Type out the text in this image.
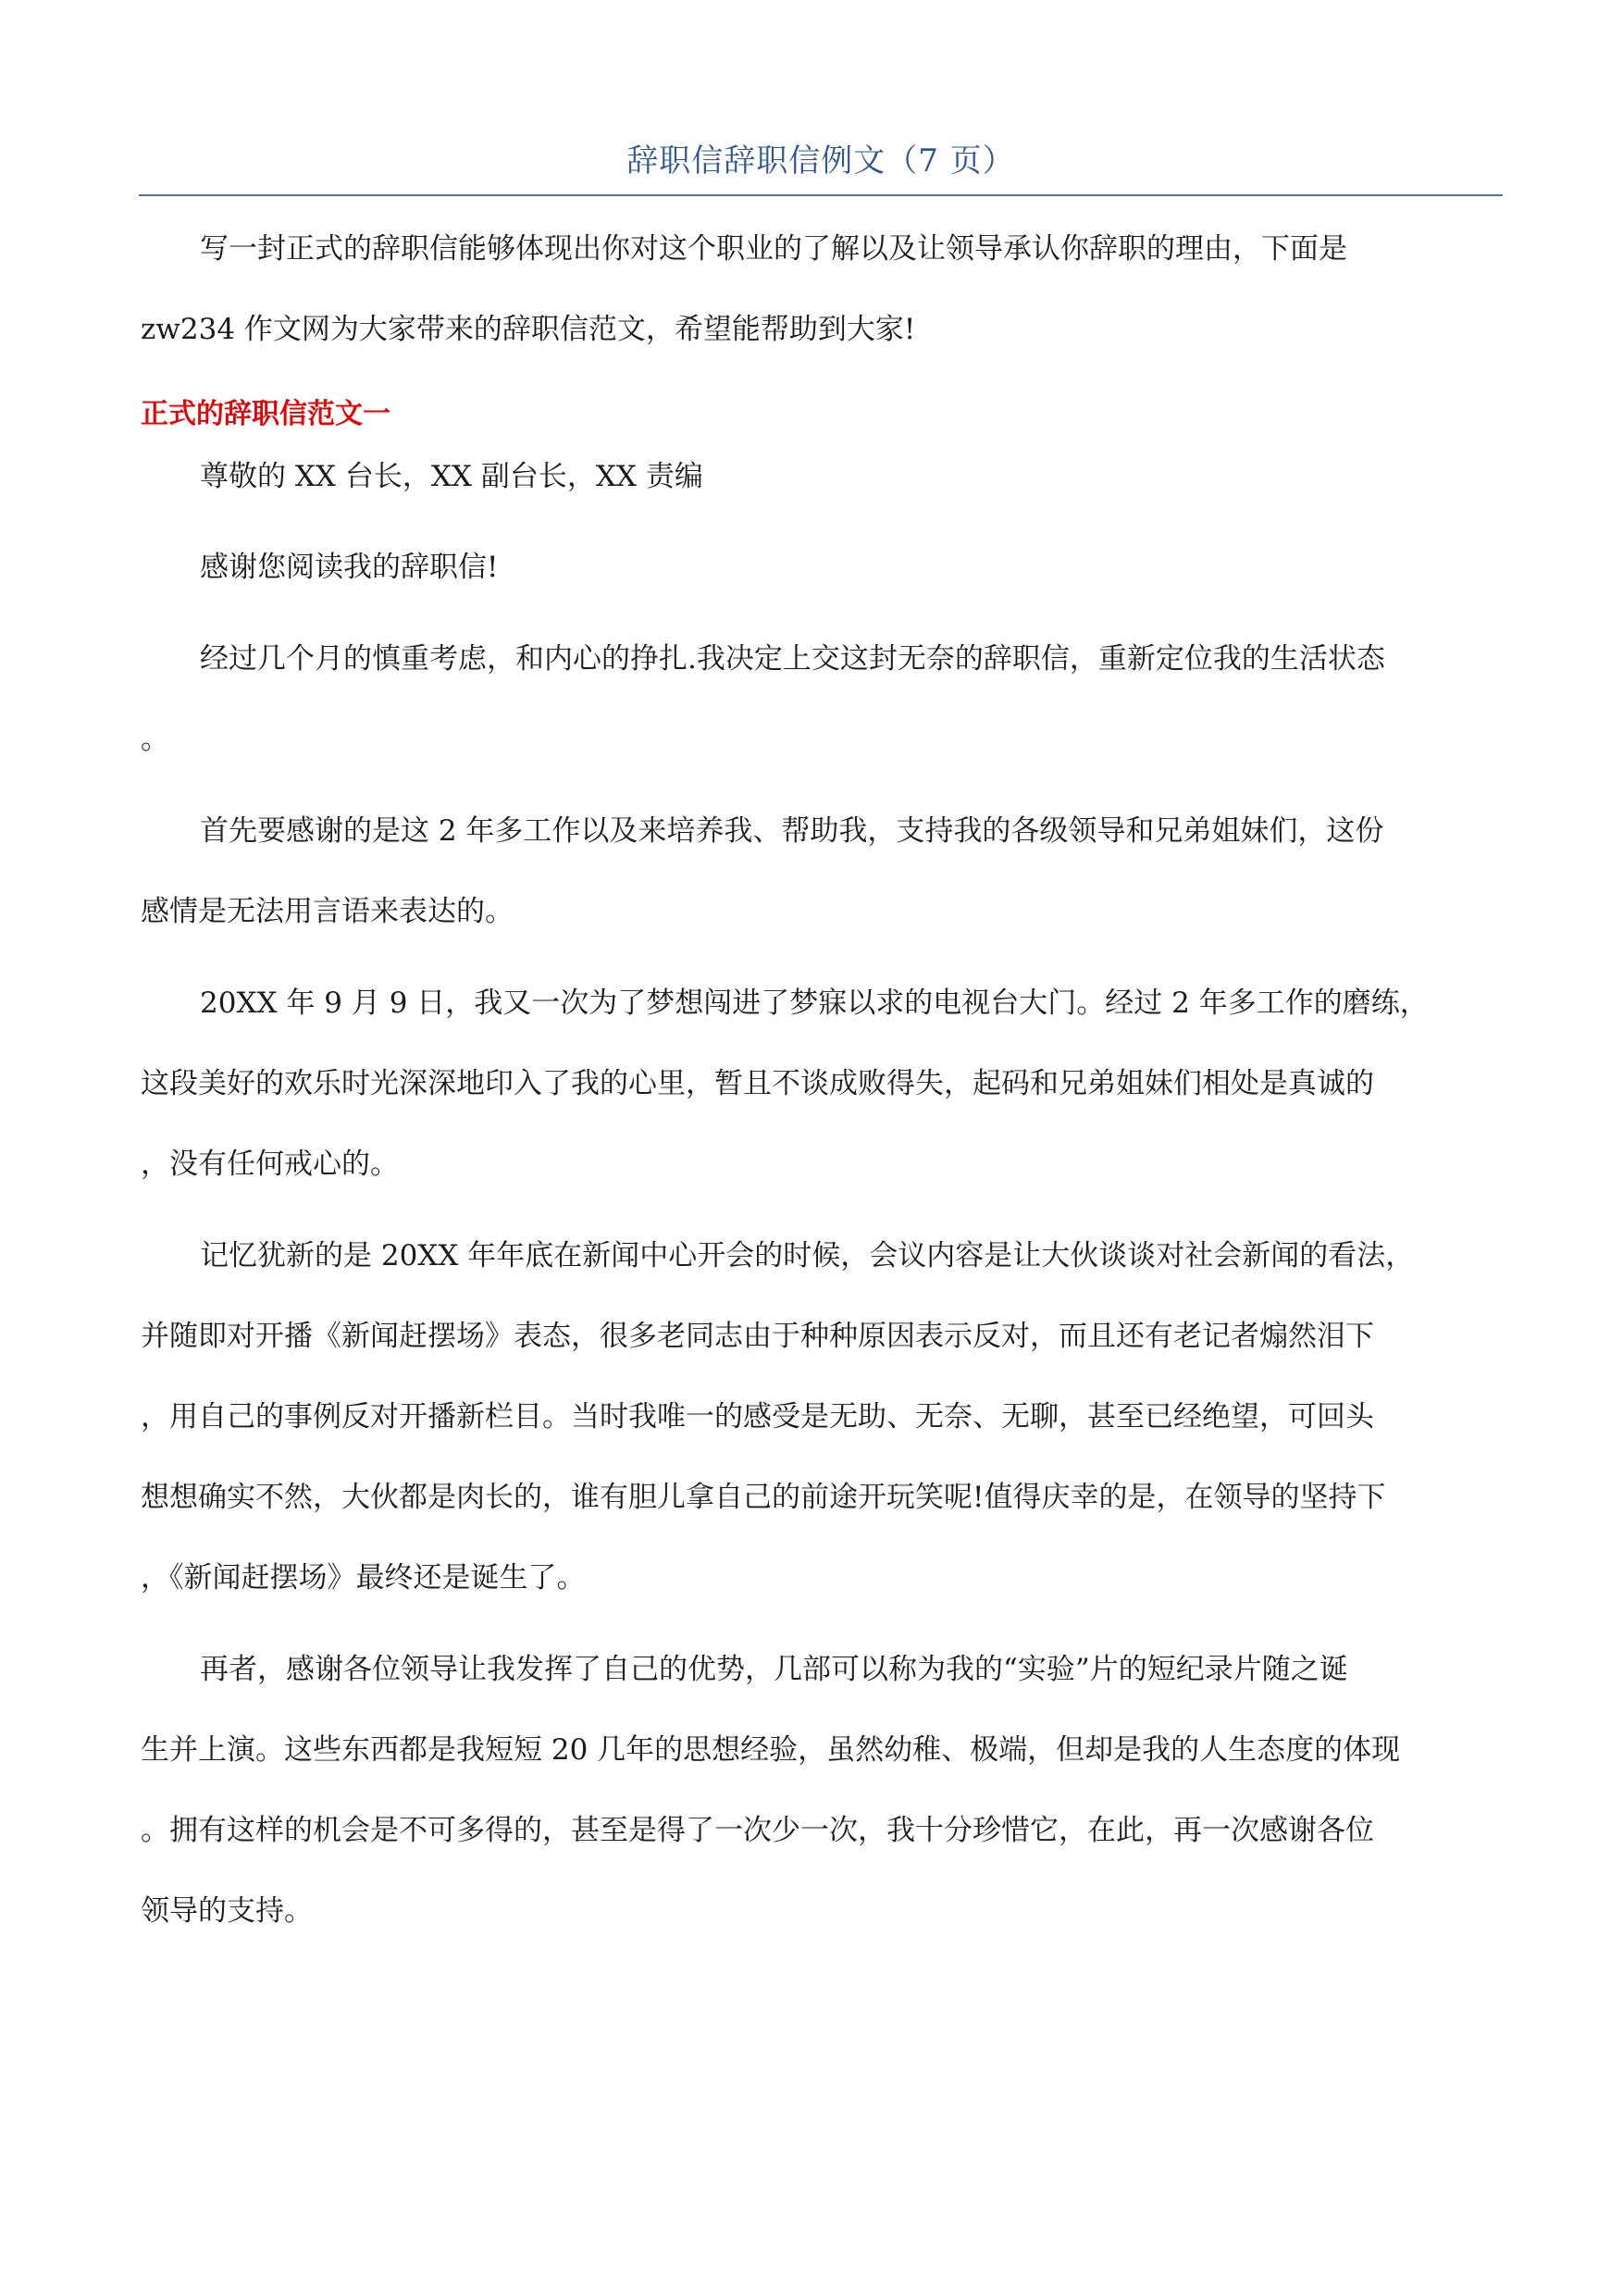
辞职信辞职信例文（7 页）

写一封正式的辞职信能够体现出你对这个职业的了解以及让领导承认你辞职的理由，下面是
zw234 作文网为大家带来的辞职信范文，希望能帮助到大家!

正式的辞职信范文一

尊敬的 XX 台长，XX 副台长，XX 责编

感谢您阅读我的辞职信!

经过几个月的慎重考虑，和内心的挣扎.我决定上交这封无奈的辞职信，重新定位我的生活状态
。

首先要感谢的是这 2 年多工作以及来培养我、帮助我，支持我的各级领导和兄弟姐妹们，这份
感情是无法用言语来表达的。

20XX 年 9 月 9 日，我又一次为了梦想闯进了梦寐以求的电视台大门。经过 2 年多工作的磨练，
这段美好的欢乐时光深深地印入了我的心里，暂且不谈成败得失，起码和兄弟姐妹们相处是真诚的
，没有任何戒心的。

记忆犹新的是 20XX 年年底在新闻中心开会的时候，会议内容是让大伙谈谈对社会新闻的看法，
并随即对开播《新闻赶摆场》表态，很多老同志由于种种原因表示反对，而且还有老记者煽然泪下
，用自己的事例反对开播新栏目。当时我唯一的感受是无助、无奈、无聊，甚至已经绝望，可回头
想想确实不然，大伙都是肉长的，谁有胆儿拿自己的前途开玩笑呢!值得庆幸的是，在领导的坚持下
，《新闻赶摆场》最终还是诞生了。

再者，感谢各位领导让我发挥了自己的优势，几部可以称为我的“实验”片的短纪录片随之诞
生并上演。这些东西都是我短短 20 几年的思想经验，虽然幼稚、极端，但却是我的人生态度的体现
。拥有这样的机会是不可多得的，甚至是得了一次少一次，我十分珍惜它，在此，再一次感谢各位
领导的支持。
